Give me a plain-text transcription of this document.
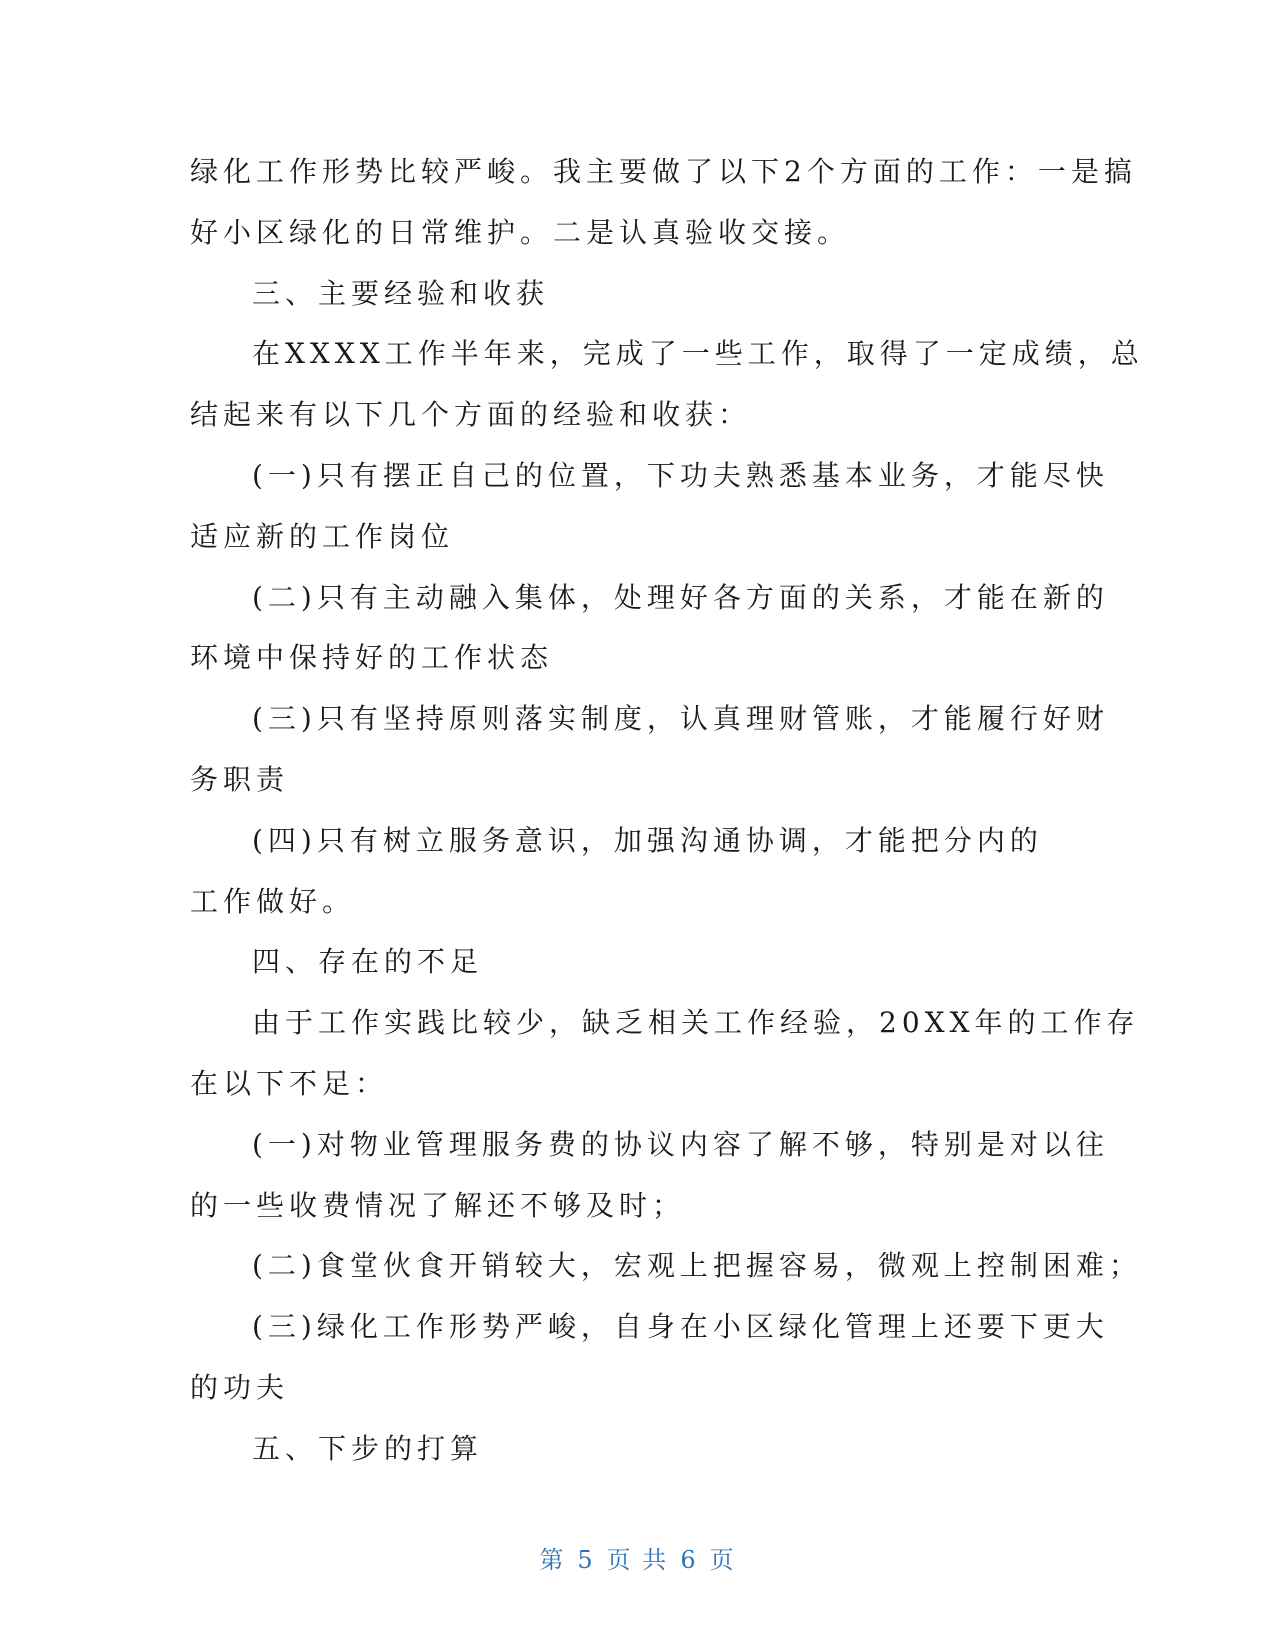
绿化工作形势比较严峻。我主要做了以下2个方面的工作：一是搞
好小区绿化的日常维护。二是认真验收交接。
三、主要经验和收获
在XXXX工作半年来，完成了一些工作，取得了一定成绩，总
结起来有以下几个方面的经验和收获：
(一)只有摆正自己的位置，下功夫熟悉基本业务，才能尽快
适应新的工作岗位
(二)只有主动融入集体，处理好各方面的关系，才能在新的
环境中保持好的工作状态
(三)只有坚持原则落实制度，认真理财管账，才能履行好财
务职责
(四)只有树立服务意识，加强沟通协调，才能把分内的
工作做好。
四、存在的不足
由于工作实践比较少，缺乏相关工作经验，20XX年的工作存
在以下不足：
(一)对物业管理服务费的协议内容了解不够，特别是对以往
的一些收费情况了解还不够及时；
(二)食堂伙食开销较大，宏观上把握容易，微观上控制困难；
(三)绿化工作形势严峻，自身在小区绿化管理上还要下更大
的功夫
五、下步的打算
第 5 页 共 6 页
